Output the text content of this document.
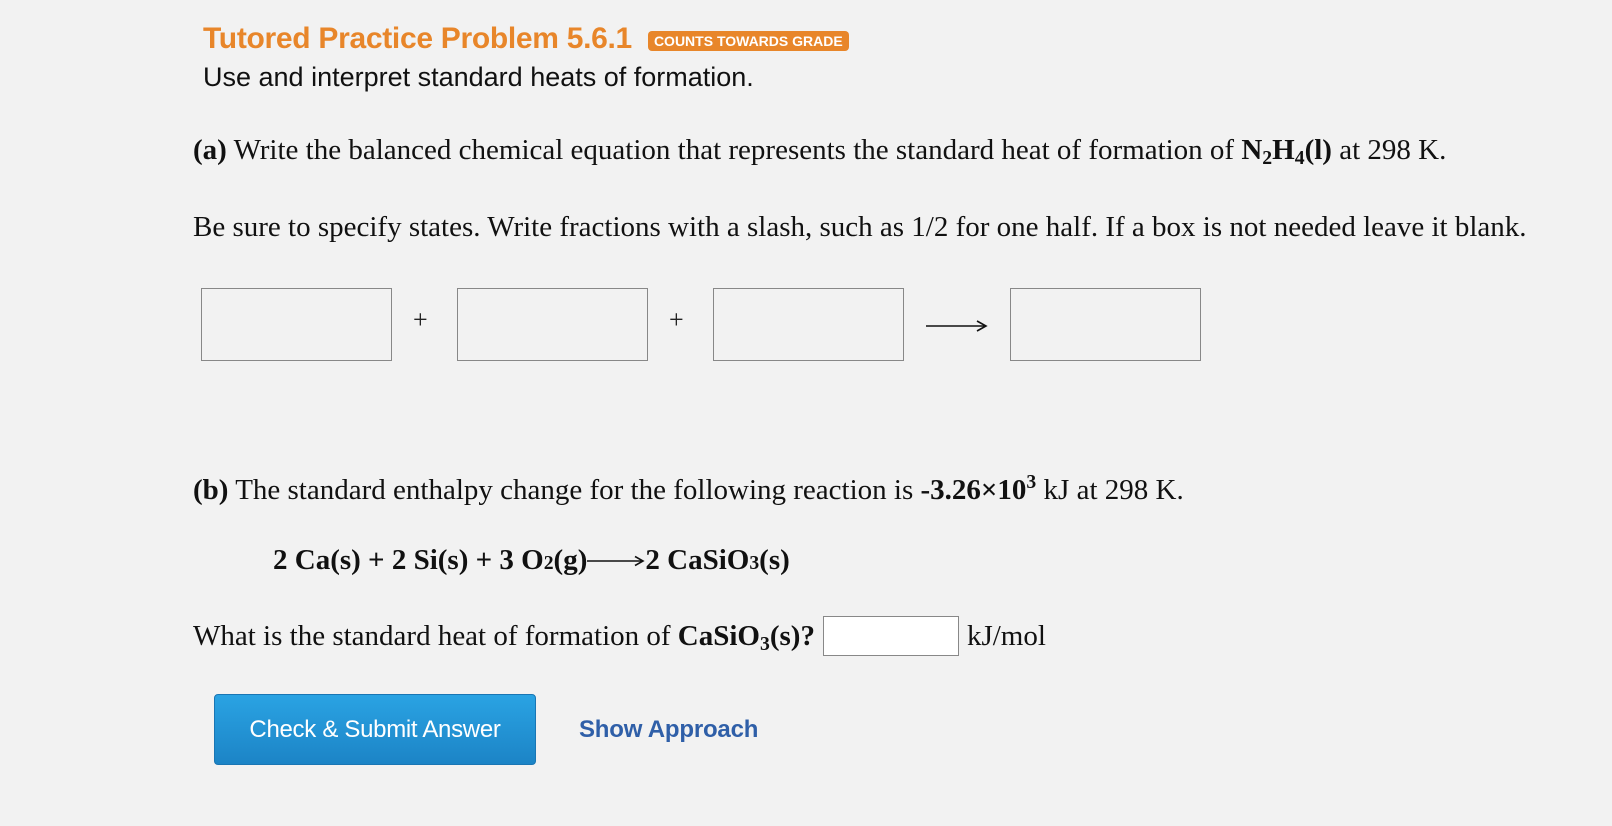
Tutored Practice Problem 5.6.1	COUNTS TOWARDS GRADE
Use and interpret standard heats of formation.
(a) Write the balanced chemical equation that represents the standard heat of formation of $N_2H_4(l)$ at 298 K.
Be sure to specify states. Write fractions with a slash, such as 1/2 for one half. If a box is not needed leave it blank.
+	+
(b) The standard enthalpy change for the following reaction is $-3.26\times 10^3$ kJ at 298 K.
2 Ca(s) + 2 Si(s) + 3 O 2 (g) → 2 CaSiO 3 (s)
What is the standard heat of formation of
CaSiO$_3$(s)?	kJ/mol
Check & Submit Answer	Show Approach
